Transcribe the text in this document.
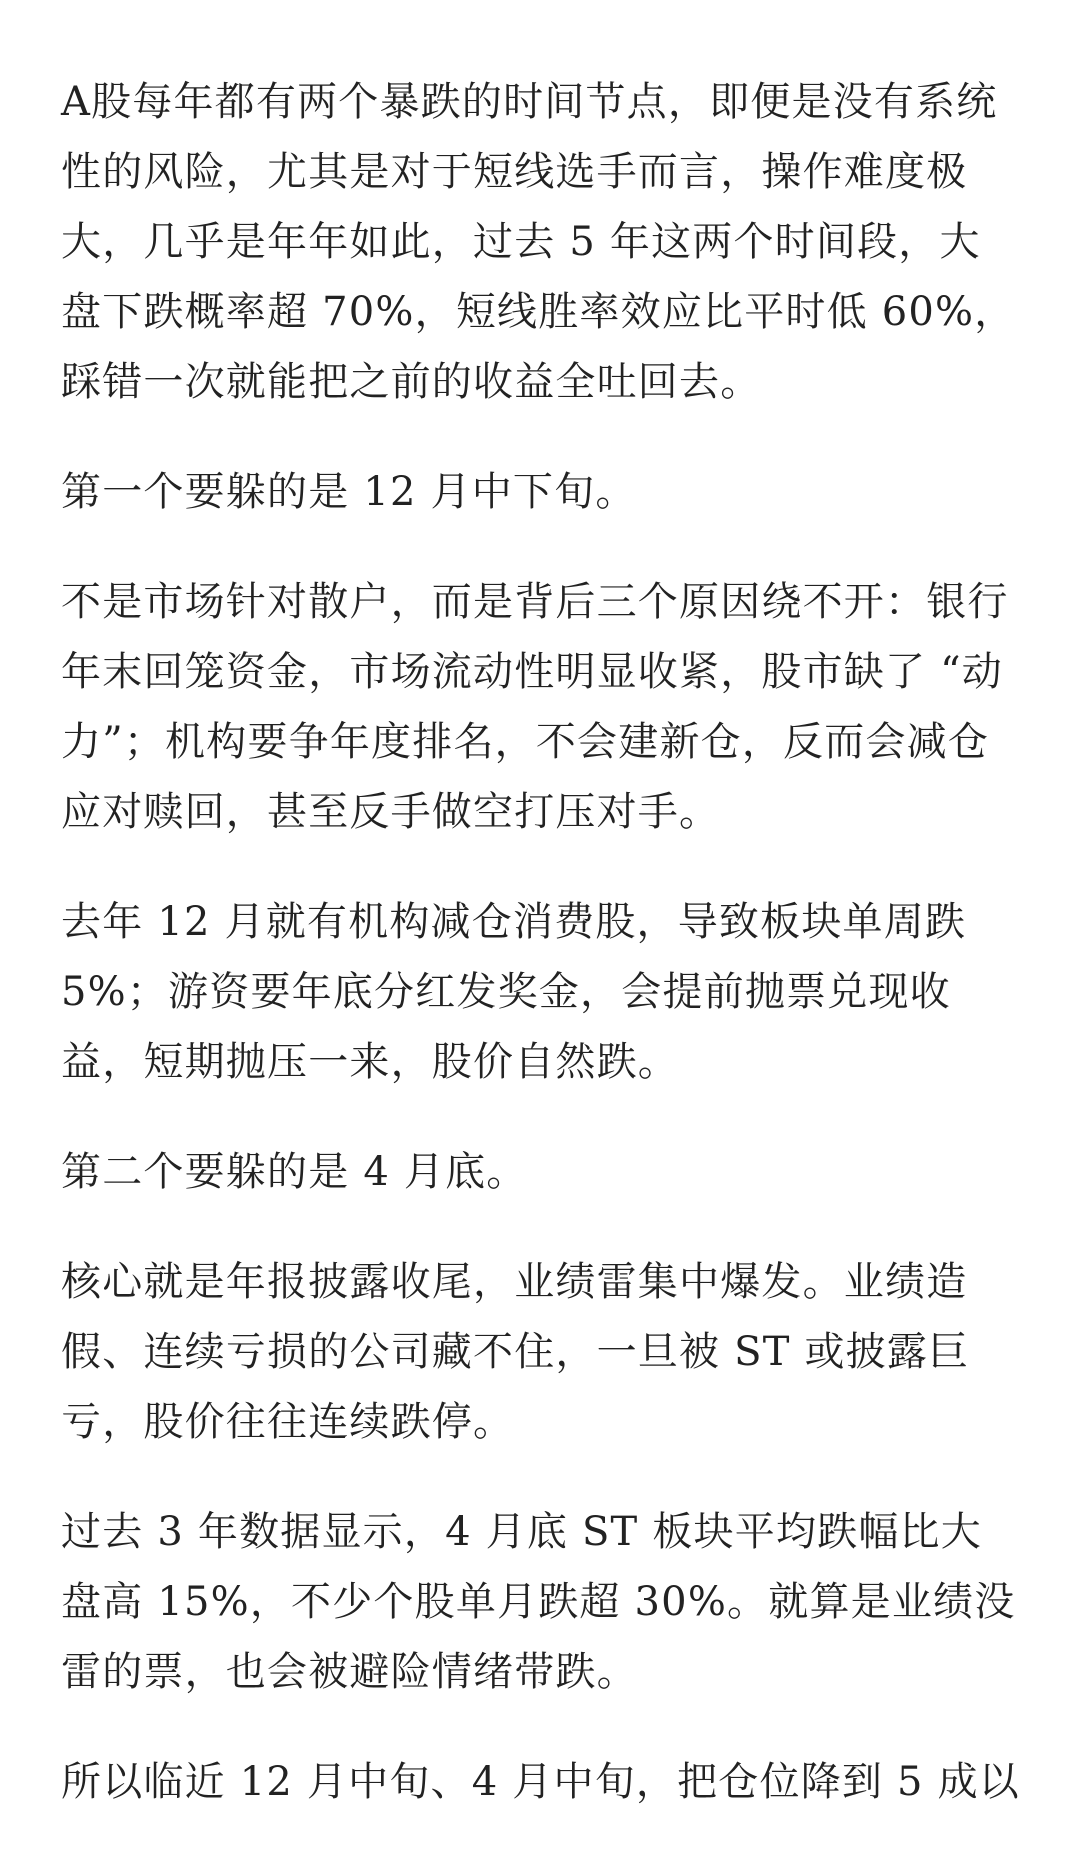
A股每年都有两个暴跌的时间节点，即便是没有系统性的风险，尤其是对于短线选手而言，操作难度极大，几乎是年年如此，过去 5 年这两个时间段，大盘下跌概率超 70%，短线胜率效应比平时低 60%，踩错一次就能把之前的收益全吐回去。

第一个要躲的是 12 月中下旬。

不是市场针对散户，而是背后三个原因绕不开：银行年末回笼资金，市场流动性明显收紧，股市缺了 “动力”；机构要争年度排名，不会建新仓，反而会减仓应对赎回，甚至反手做空打压对手。

去年 12 月就有机构减仓消费股，导致板块单周跌 5%；游资要年底分红发奖金，会提前抛票兑现收益，短期抛压一来，股价自然跌。

第二个要躲的是 4 月底。

核心就是年报披露收尾，业绩雷集中爆发。业绩造假、连续亏损的公司藏不住，一旦被 ST 或披露巨亏，股价往往连续跌停。

过去 3 年数据显示，4 月底 ST 板块平均跌幅比大盘高 15%，不少个股单月跌超 30%。就算是业绩没雷的票，也会被避险情绪带跌。

所以临近 12 月中旬、4 月中旬，把仓位降到 5 成以
